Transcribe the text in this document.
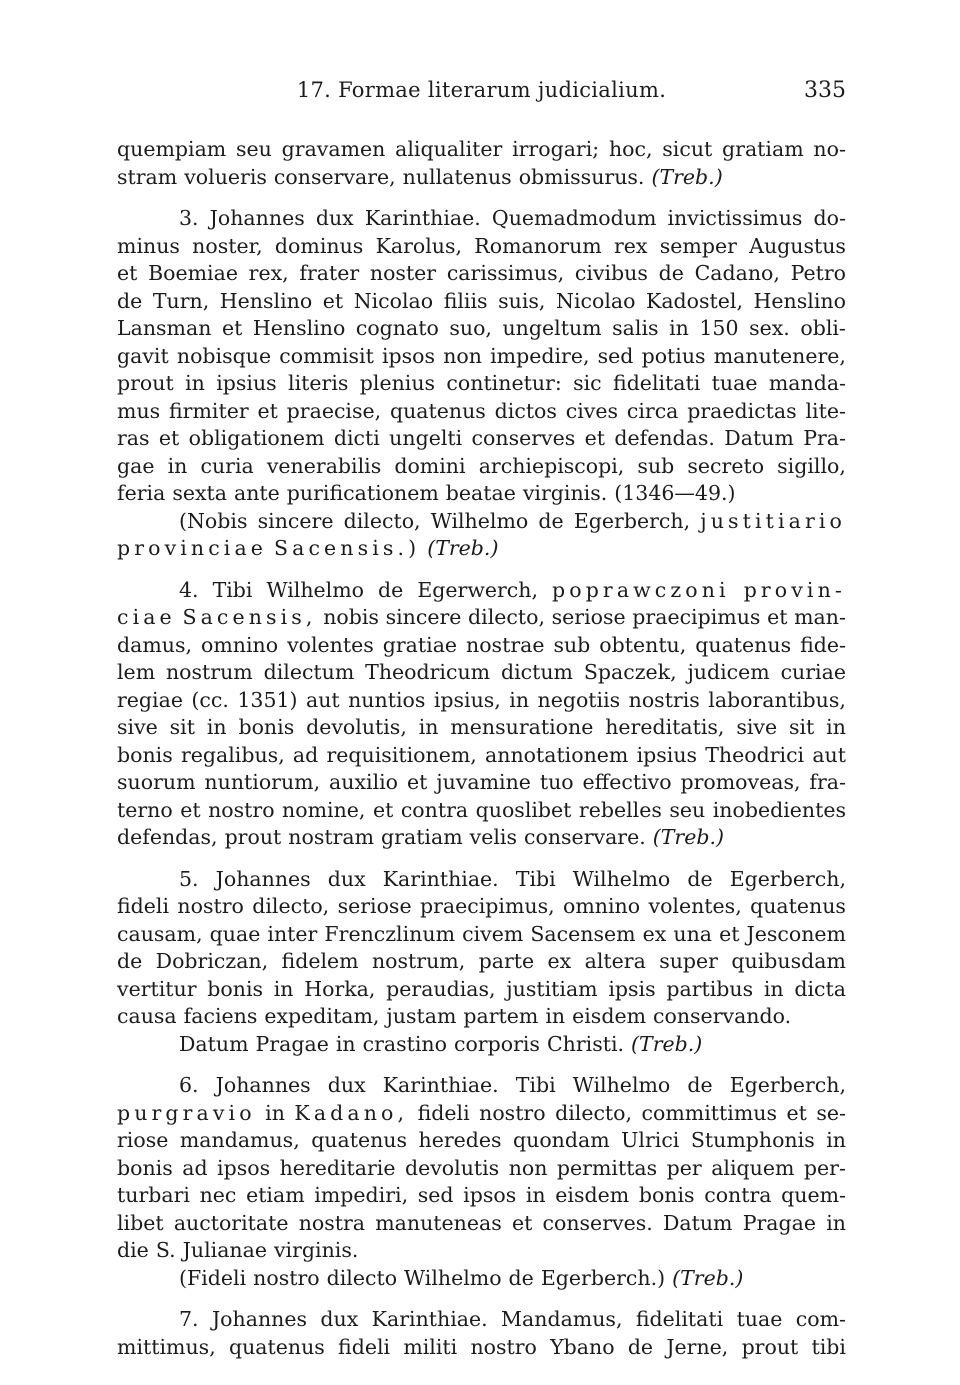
17. Formae literarum judicialium.	335
quempiam seu gravamen aliqualiter irrogari; hoc, sicut gratiam no-
stram volueris conservare, nullatenus obmissurus. (Treb.)
3. Johannes dux Karinthiae. Quemadmodum invictissimus do-
minus noster, dominus Karolus, Romanorum rex semper Augustus
et Boemiae rex, frater noster carissimus, civibus de Cadano, Petro
de Turn, Henslino et Nicolao filiis suis, Nicolao Kadostel, Henslino
Lansman et Henslino cognato suo, ungeltum salis in 150 sex. obli-
gavit nobisque commisit ipsos non impedire, sed potius manutenere,
prout in ipsius literis plenius continetur: sic fidelitati tuae manda-
mus firmiter et praecise, quatenus dictos cives circa praedictas lite-
ras et obligationem dicti ungelti conserves et defendas. Datum Pra-
gae in curia venerabilis domini archiepiscopi, sub secreto sigillo,
feria sexta ante purificationem beatae virginis. (1346—49.)
(Nobis sincere dilecto, Wilhelmo de Egerberch, justitiario
provinciae Sacensis.) (Treb.)
4. Tibi Wilhelmo de Egerwerch, poprawczoni provin-
ciae Sacensis, nobis sincere dilecto, seriose praecipimus et man-
damus, omnino volentes gratiae nostrae sub obtentu, quatenus fide-
lem nostrum dilectum Theodricum dictum Spaczek, judicem curiae
regiae (cc. 1351) aut nuntios ipsius, in negotiis nostris laborantibus,
sive sit in bonis devolutis, in mensuratione hereditatis, sive sit in
bonis regalibus, ad requisitionem, annotationem ipsius Theodrici aut
suorum nuntiorum, auxilio et juvamine tuo effectivo promoveas, fra-
terno et nostro nomine, et contra quoslibet rebelles seu inobedientes
defendas, prout nostram gratiam velis conservare. (Treb.)
5. Johannes dux Karinthiae. Tibi Wilhelmo de Egerberch,
fideli nostro dilecto, seriose praecipimus, omnino volentes, quatenus
causam, quae inter Frenczlinum civem Sacensem ex una et Jesconem
de Dobriczan, fidelem nostrum, parte ex altera super quibusdam
vertitur bonis in Horka, peraudias, justitiam ipsis partibus in dicta
causa faciens expeditam, justam partem in eisdem conservando.
Datum Pragae in crastino corporis Christi. (Treb.)
6. Johannes dux Karinthiae. Tibi Wilhelmo de Egerberch,
purgravio in Kadano, fideli nostro dilecto, committimus et se-
riose mandamus, quatenus heredes quondam Ulrici Stumphonis in
bonis ad ipsos hereditarie devolutis non permittas per aliquem per-
turbari nec etiam impediri, sed ipsos in eisdem bonis contra quem-
libet auctoritate nostra manuteneas et conserves. Datum Pragae in
die S. Julianae virginis.
(Fideli nostro dilecto Wilhelmo de Egerberch.) (Treb.)
7. Johannes dux Karinthiae. Mandamus, fidelitati tuae com-
mittimus, quatenus fideli militi nostro Ybano de Jerne, prout tibi
